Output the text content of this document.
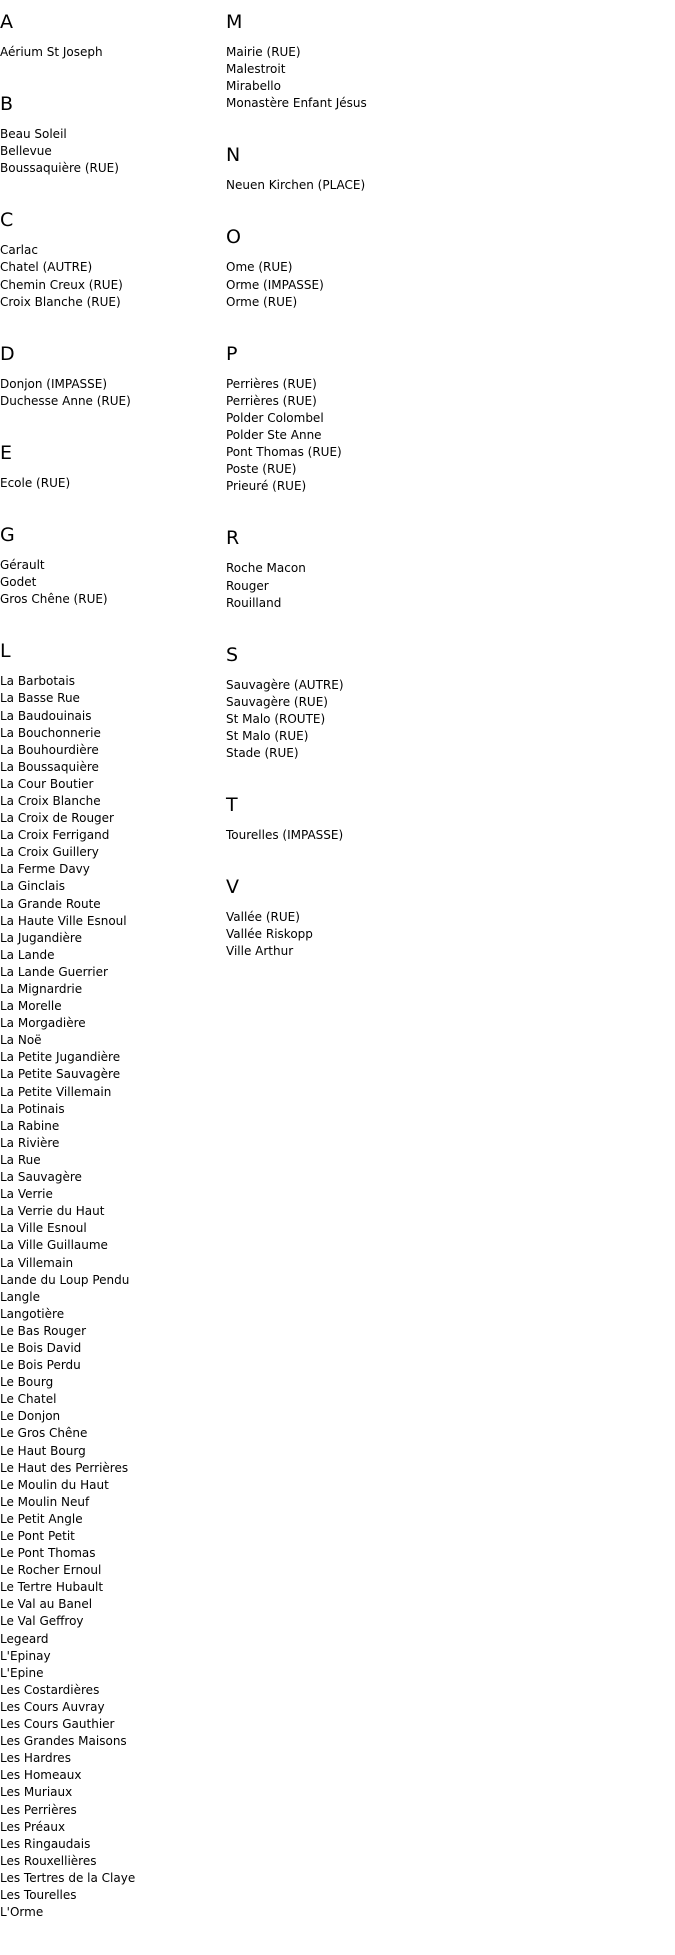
A
Aérium St Joseph
B
Beau Soleil
Bellevue
Boussaquière (RUE)
C
Carlac
Chatel (AUTRE)
Chemin Creux (RUE)
Croix Blanche (RUE)
D
Donjon (IMPASSE)
Duchesse Anne (RUE)
E
Ecole (RUE)
G
Gérault
Godet
Gros Chêne (RUE)
L
La Barbotais
La Basse Rue
La Baudouinais
La Bouchonnerie
La Bouhourdière
La Boussaquière
La Cour Boutier
La Croix Blanche
La Croix de Rouger
La Croix Ferrigand
La Croix Guillery
La Ferme Davy
La Ginclais
La Grande Route
La Haute Ville Esnoul
La Jugandière
La Lande
La Lande Guerrier
La Mignardrie
La Morelle
La Morgadière
La Noë
La Petite Jugandière
La Petite Sauvagère
La Petite Villemain
La Potinais
La Rabine
La Rivière
La Rue
La Sauvagère
La Verrie
La Verrie du Haut
La Ville Esnoul
La Ville Guillaume
La Villemain
Lande du Loup Pendu
Langle
Langotière
Le Bas Rouger
Le Bois David
Le Bois Perdu
Le Bourg
Le Chatel
Le Donjon
Le Gros Chêne
Le Haut Bourg
Le Haut des Perrières
Le Moulin du Haut
Le Moulin Neuf
Le Petit Angle
Le Pont Petit
Le Pont Thomas
Le Rocher Ernoul
Le Tertre Hubault
Le Val au Banel
Le Val Geffroy
Legeard
L'Epinay
L'Epine
Les Costardières
Les Cours Auvray
Les Cours Gauthier
Les Grandes Maisons
Les Hardres
Les Homeaux
Les Muriaux
Les Perrières
Les Préaux
Les Ringaudais
Les Rouxellières
Les Tertres de la Claye
Les Tourelles
L'Orme
M
Mairie (RUE)
Malestroit
Mirabello
Monastère Enfant Jésus
N
Neuen Kirchen (PLACE)
O
Ome (RUE)
Orme (IMPASSE)
Orme (RUE)
P
Perrières (RUE)
Perrières (RUE)
Polder Colombel
Polder Ste Anne
Pont Thomas (RUE)
Poste (RUE)
Prieuré (RUE)
R
Roche Macon
Rouger
Rouilland
S
Sauvagère (AUTRE)
Sauvagère (RUE)
St Malo (ROUTE)
St Malo (RUE)
Stade (RUE)
T
Tourelles (IMPASSE)
V
Vallée (RUE)
Vallée Riskopp
Ville Arthur
